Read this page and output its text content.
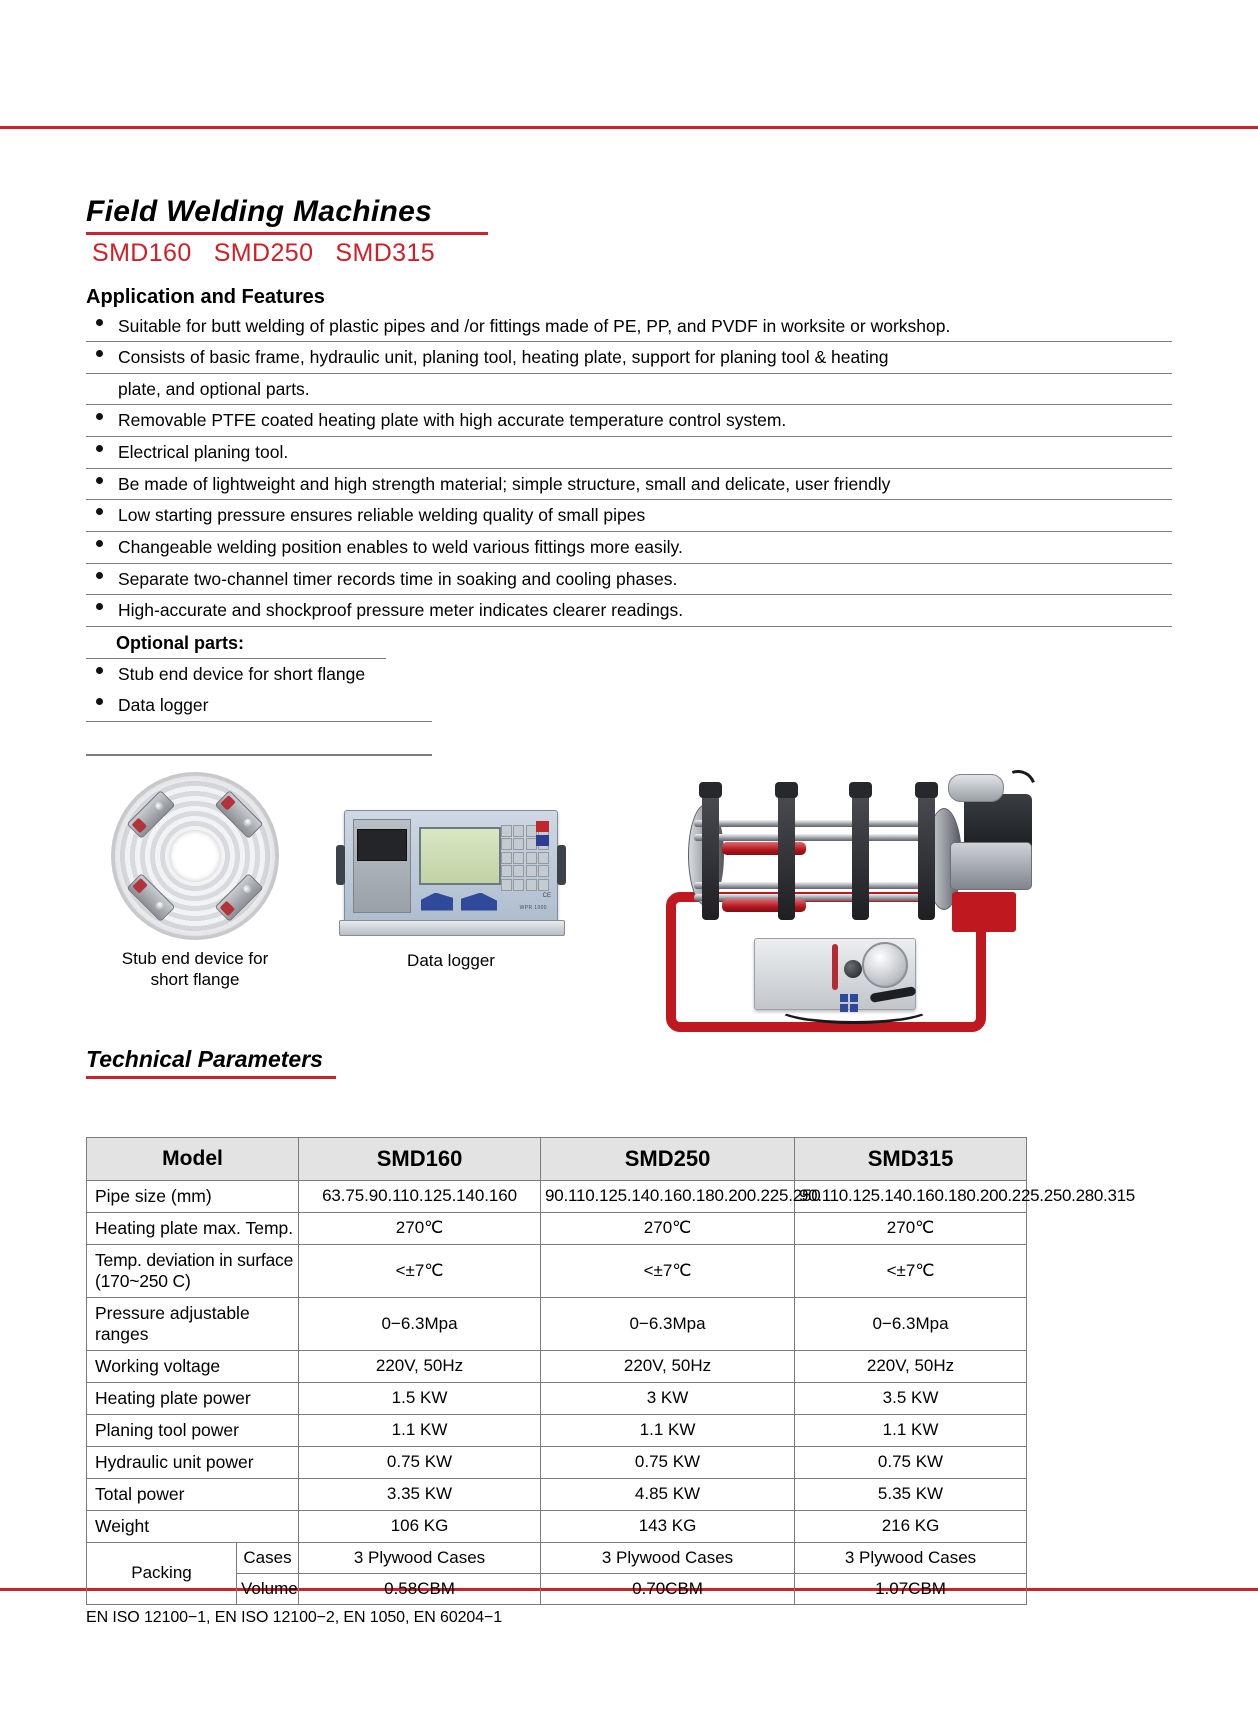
Field Welding Machines
SMD160   SMD250   SMD315
Application and Features
Suitable for butt welding of plastic pipes and /or fittings made of PE, PP, and PVDF in worksite or workshop.
Consists of basic frame, hydraulic unit, planing tool, heating plate, support for planing tool & heating
plate, and optional parts.
Removable PTFE coated heating plate with high accurate temperature control system.
Electrical planing tool.
Be made of lightweight and high strength material; simple structure, small and delicate, user friendly
Low starting pressure ensures reliable welding quality of small pipes
Changeable welding position enables to weld various fittings more easily.
Separate two-channel timer records time in soaking and cooling phases.
High-accurate and shockproof pressure meter indicates clearer readings.
Optional parts:
Stub end device for short flange
Data logger
Stub end device for
short flange
CE
WPR 1000
Data logger
Technical Parameters
Model		SMD160	SMD250	SMD315
Pipe size (mm)		63.75.90.110.125.140.160	90.110.125.140.160.180.200.225.250	90.110.125.140.160.180.200.225.250.280.315
Heating plate max. Temp.		270℃	270℃	270℃
Temp. deviation in surface (170~250 C)		<±7℃	<±7℃	<±7℃
Pressure adjustable ranges		0−6.3Mpa	0−6.3Mpa	0−6.3Mpa
Working voltage		220V, 50Hz	220V, 50Hz	220V, 50Hz
Heating plate power		1.5 KW	3 KW	3.5 KW
Planing tool power		1.1 KW	1.1 KW	1.1 KW
Hydraulic unit power		0.75 KW	0.75 KW	0.75 KW
Total power		3.35 KW	4.85 KW	5.35 KW
Weight		106 KG	143 KG	216 KG
Packing	Cases	3 Plywood Cases	3 Plywood Cases	3 Plywood Cases
	Volume	0.58CBM	0.70CBM	1.07CBM
EN ISO 12100−1, EN ISO 12100−2, EN 1050, EN 60204−1
